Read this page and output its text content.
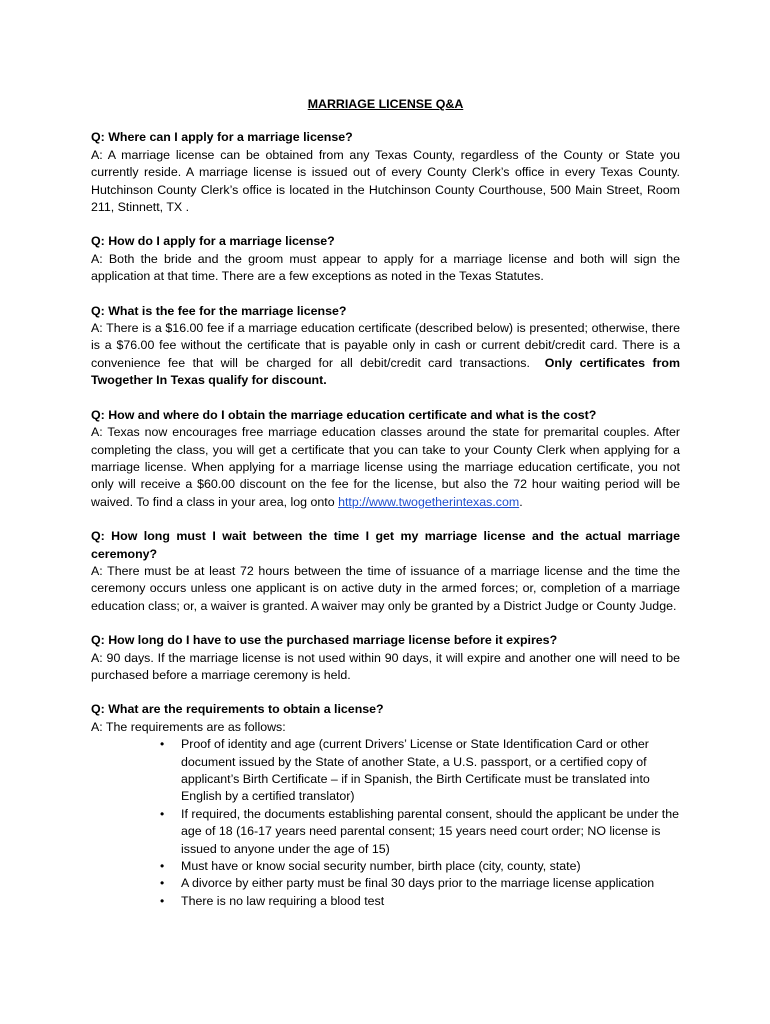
MARRIAGE LICENSE Q&A

Q: Where can I apply for a marriage license?

A: A marriage license can be obtained from any Texas County, regardless of the County or State you currently reside. A marriage license is issued out of every County Clerk’s office in every Texas County. Hutchinson County Clerk’s office is located in the Hutchinson County Courthouse, 500 Main Street, Room 211, Stinnett, TX .

Q: How do I apply for a marriage license?

A: Both the bride and the groom must appear to apply for a marriage license and both will sign the application at that time. There are a few exceptions as noted in the Texas Statutes.

Q: What is the fee for the marriage license?

A: There is a $16.00 fee if a marriage education certificate (described below) is presented; otherwise, there is a $76.00 fee without the certificate that is payable only in cash or current debit/credit card. There is a convenience fee that will be charged for all debit/credit card transactions. Only certificates from Twogether In Texas qualify for discount.

Q: How and where do I obtain the marriage education certificate and what is the cost?

A: Texas now encourages free marriage education classes around the state for premarital couples. After completing the class, you will get a certificate that you can take to your County Clerk when applying for a marriage license. When applying for a marriage license using the marriage education certificate, you not only will receive a $60.00 discount on the fee for the license, but also the 72 hour waiting period will be waived. To find a class in your area, log onto http://www.twogetherintexas.com.

Q: How long must I wait between the time I get my marriage license and the actual marriage ceremony?

A: There must be at least 72 hours between the time of issuance of a marriage license and the time the ceremony occurs unless one applicant is on active duty in the armed forces; or, completion of a marriage education class; or, a waiver is granted. A waiver may only be granted by a District Judge or County Judge.

Q: How long do I have to use the purchased marriage license before it expires?

A: 90 days. If the marriage license is not used within 90 days, it will expire and another one will need to be purchased before a marriage ceremony is held.

Q: What are the requirements to obtain a license?

A: The requirements are as follows:

• Proof of identity and age (current Drivers’ License or State Identification Card or other document issued by the State of another State, a U.S. passport, or a certified copy of applicant’s Birth Certificate – if in Spanish, the Birth Certificate must be translated into English by a certified translator)
• If required, the documents establishing parental consent, should the applicant be under the age of 18 (16-17 years need parental consent; 15 years need court order; NO license is issued to anyone under the age of 15)
• Must have or know social security number, birth place (city, county, state)
• A divorce by either party must be final 30 days prior to the marriage license application
• There is no law requiring a blood test
